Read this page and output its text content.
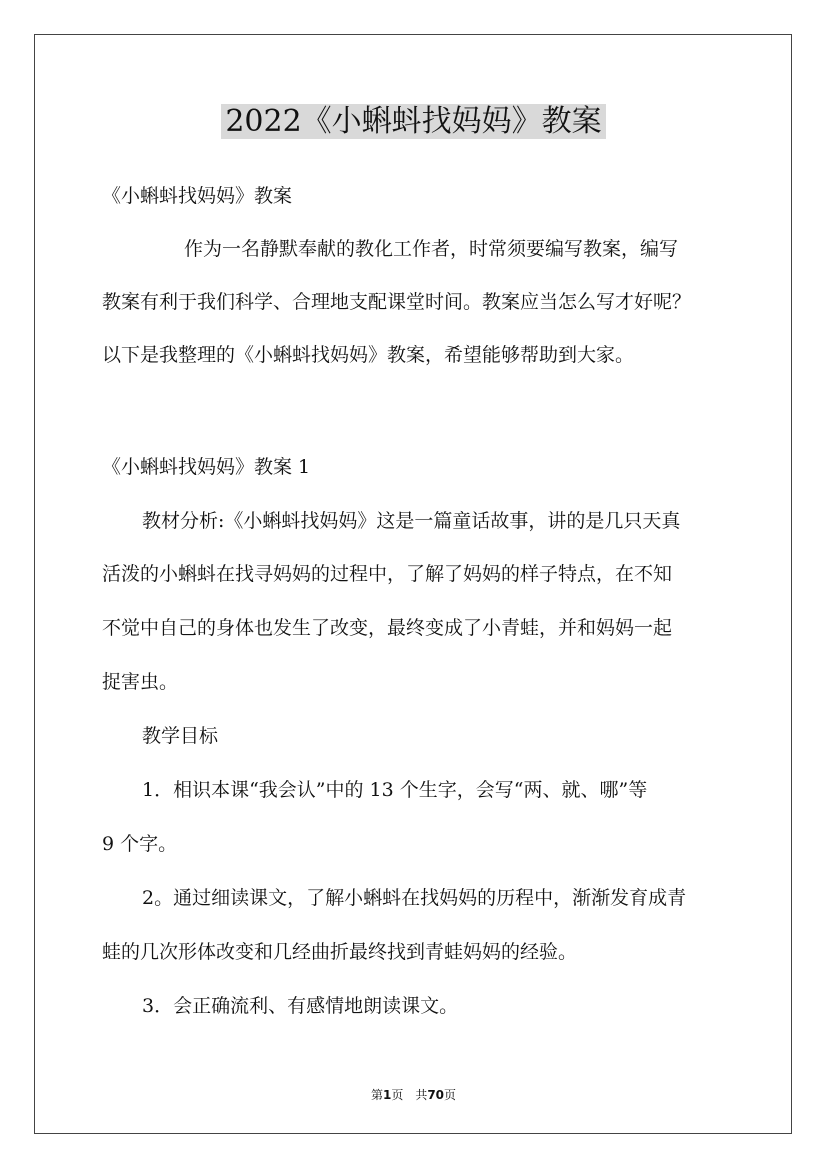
2022《小蝌蚪找妈妈》教案
《小蝌蚪找妈妈》教案
作为一名静默奉献的教化工作者，时常须要编写教案，编写
教案有利于我们科学、合理地支配课堂时间。教案应当怎么写才好呢？
以下是我整理的《小蝌蚪找妈妈》教案，希望能够帮助到大家。
《小蝌蚪找妈妈》教案 1
教材分析:《小蝌蚪找妈妈》这是一篇童话故事，讲的是几只天真
活泼的小蝌蚪在找寻妈妈的过程中，了解了妈妈的样子特点，在不知
不觉中自己的身体也发生了改变，最终变成了小青蛙，并和妈妈一起
捉害虫。
教学目标
1．相识本课“我会认”中的 13 个生字，会写“两、就、哪”等
9 个字。
2。通过细读课文，了解小蝌蚪在找妈妈的历程中，渐渐发育成青
蛙的几次形体改变和几经曲折最终找到青蛙妈妈的经验。
3．会正确流利、有感情地朗读课文。
第1页　共70页
